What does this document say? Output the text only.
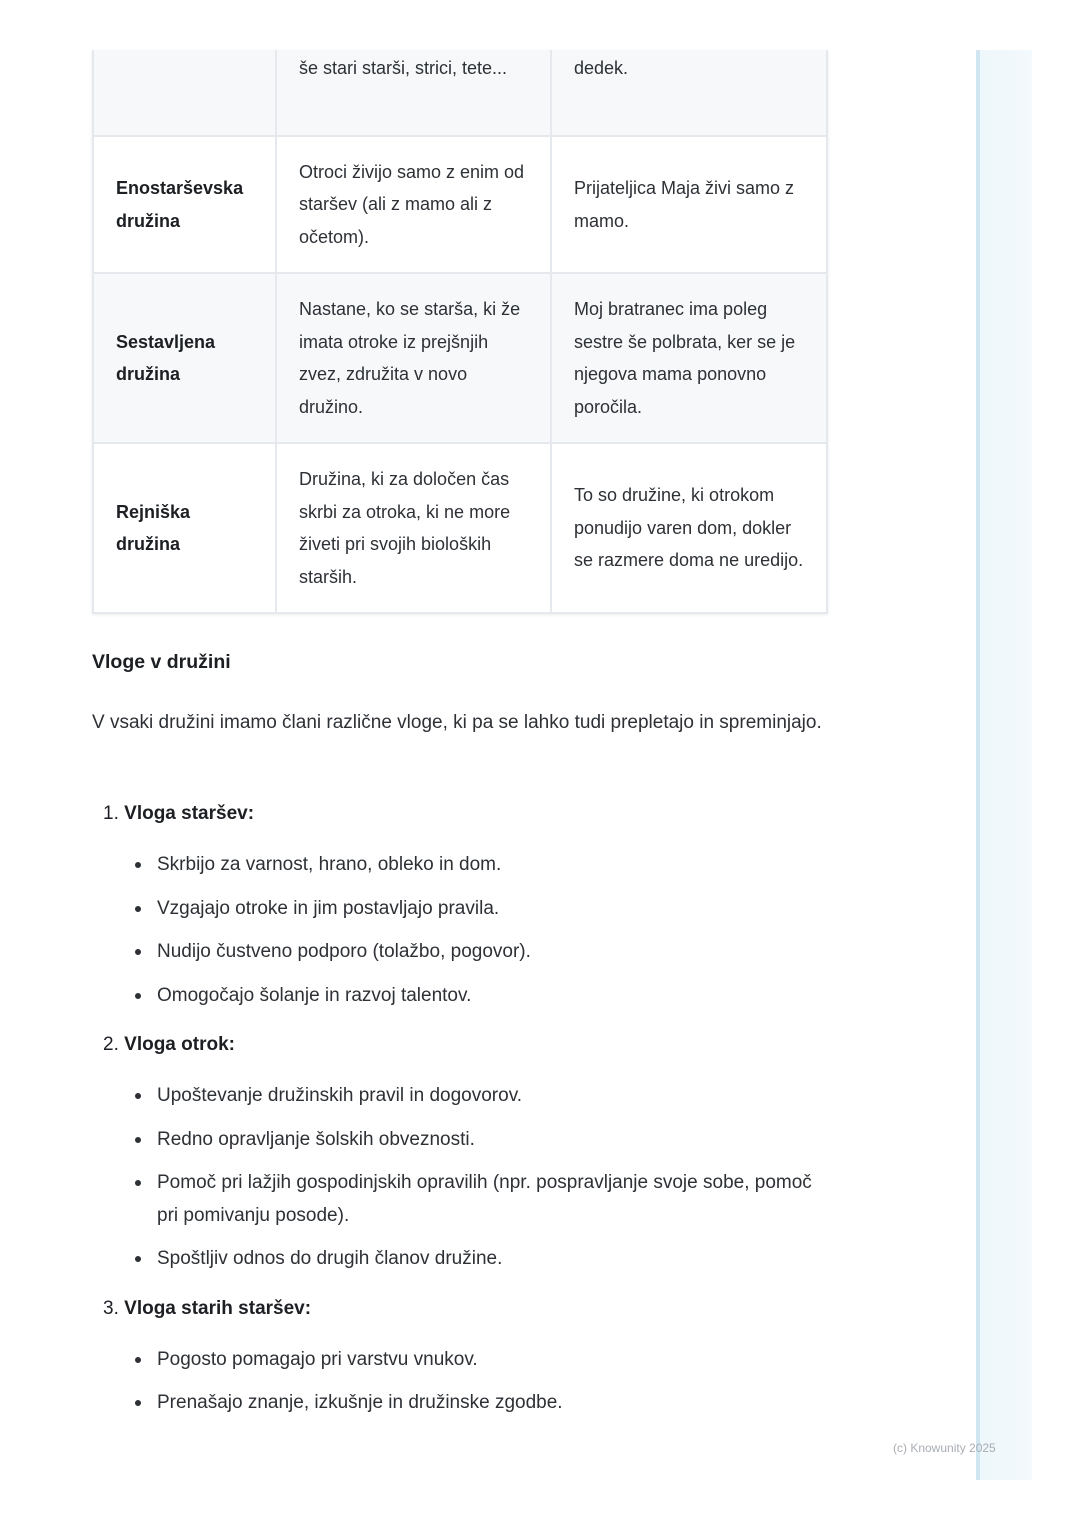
	še stari starši, strici, tete...	dedek.
Enostarševska družina	Otroci živijo samo z enim od staršev (ali z mamo ali z očetom).	Prijateljica Maja živi samo z mamo.
Sestavljena družina	Nastane, ko se starša, ki že imata otroke iz prejšnjih zvez, združita v novo družino.	Moj bratranec ima poleg sestre še polbrata, ker se je njegova mama ponovno poročila.
Rejniška družina	Družina, ki za določen čas skrbi za otroka, ki ne more živeti pri svojih bioloških starših.	To so družine, ki otrokom ponudijo varen dom, dokler se razmere doma ne uredijo.
Vloge v družini

V vsaki družini imamo člani različne vloge, ki pa se lahko tudi prepletajo in spreminjajo.

1. Vloga staršev:
Skrbijo za varnost, hrano, obleko in dom.
Vzgajajo otroke in jim postavljajo pravila.
Nudijo čustveno podporo (tolažbo, pogovor).
Omogočajo šolanje in razvoj talentov.
2. Vloga otrok:
Upoštevanje družinskih pravil in dogovorov.
Redno opravljanje šolskih obveznosti.
Pomoč pri lažjih gospodinjskih opravilih (npr. pospravljanje svoje sobe, pomoč pri pomivanju posode).
Spoštljiv odnos do drugih članov družine.
3. Vloga starih staršev:
Pogosto pomagajo pri varstvu vnukov.
Prenašajo znanje, izkušnje in družinske zgodbe.
(c) Knowunity 2025
